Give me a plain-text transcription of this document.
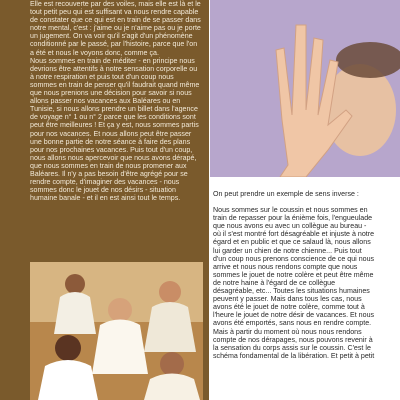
Elle est recouverte par des voiles, mais elle est là et le tout petit peu qui est suffisant va nous rendre capable de constater que ce qui est en train de se passer dans notre mental, c'est : j'aime ou je n'aime pas ou je porte un jugement. On va voir qu'il s'agit d'un phénomène conditionné par le passé, par l'histoire, parce que l'on a été et nous le voyons donc, comme ça.

Nous sommes en train de méditer - en principe nous devrions être attentifs à notre sensation corporelle ou à notre respiration et puis tout d'un coup nous sommes en train de penser qu'il faudrait quand même que nous prenions une décision pour savoir si nous allons passer nos vacances aux Baléares ou en Tunisie, si nous allons prendre un billet dans l'agence de voyage n° 1 ou n° 2 parce que les conditions sont peut être meilleures ! Et ça y est, nous sommes partis pour nos vacances. Et nous allons peut être passer une bonne partie de notre séance à faire des plans pour nos prochaines vacances. Puis tout d'un coup, nous allons nous apercevoir que nous avons dérapé, que nous sommes en train de nous promener aux Baléares. Il n'y a pas besoin d'être agrégé pour se rendre compte, d'imaginer des vacances - nous sommes donc le jouet de nos désirs - situation humaine banale - et il en est ainsi tout le temps.

On peut prendre un exemple de sens inverse :

Nous sommes sur le coussin et nous sommes en train de repasser pour la énième fois, l'engueulade que nous avons eu avec un collègue au bureau - où il s'est montré fort désagréable et injuste à notre égard et en public et que ce salaud là, nous allons lui garder un chien de notre chienne... Puis tout d'un coup nous prenons conscience de ce qui nous arrive et nous nous rendons compte que nous sommes le jouet de notre colère et peut être même de notre haine à l'égard de ce collègue désagréable, etc... Toutes les situations humaines peuvent y passer. Mais dans tous les cas, nous avons été le jouet de notre colère, comme tout à l'heure le jouet de notre désir de vacances. Et nous avons été emportés, sans nous en rendre compte. Mais à partir du moment où nous nous rendons compte de nos dérapages, nous pouvons revenir à la sensation du corps assis sur le coussin. C'est le schéma fondamental de la libération. Et petit à petit
